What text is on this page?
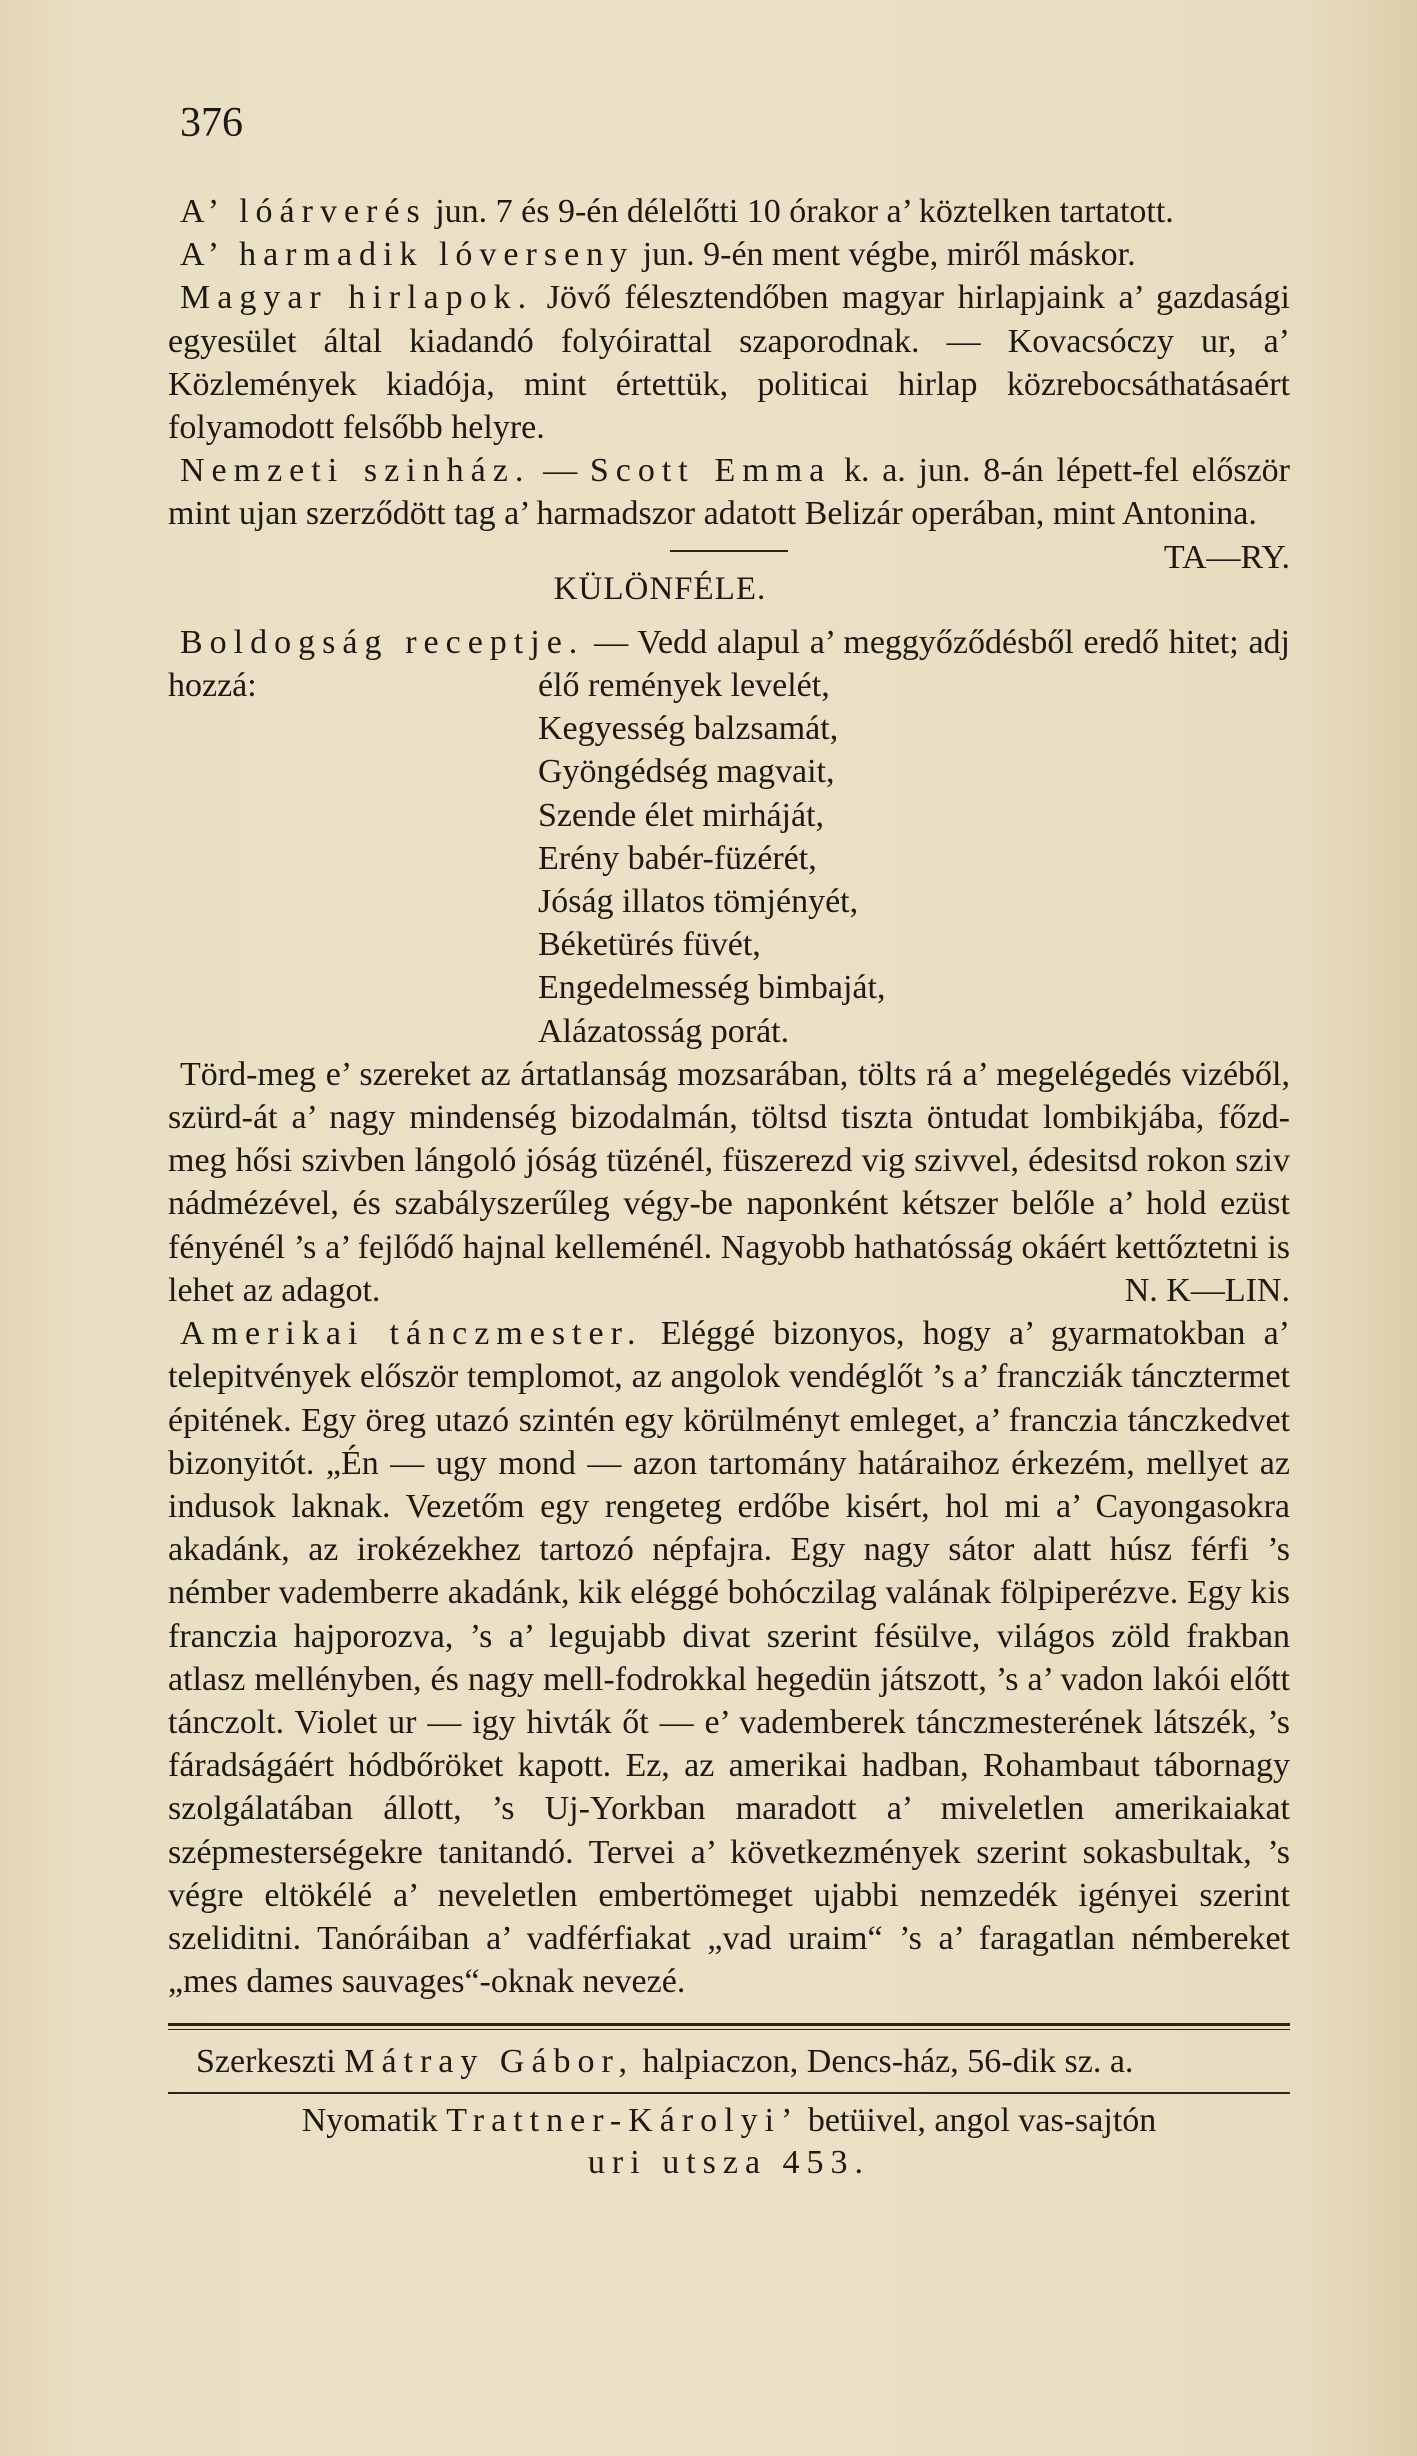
376

A’ lóárverés jun. 7 és 9-én délelőtti 10 órakor a’ köztelken tartatott.

A’ harmadik lóverseny jun. 9-én ment végbe, miről máskor.

Magyar hirlapok. Jövő félesztendőben magyar hirlapjaink a’ gazdasági egyesület által kiadandó folyóirattal szaporodnak. — Kovacsóczy ur, a’ Közlemények kiadója, mint értettük, politicai hirlap közrebocsáthatásaért folyamodott felsőbb helyre.

Nemzeti szinház. — Scott Emma k. a. jun. 8-án lépett-fel először mint ujan szerződött tag a’ harmadszor adatott Belizár operában, mint Antonina.
TA—RY.

KÜLÖNFÉLE.

Boldogság receptje. — Vedd alapul a’ meggyőződésből eredő hitet; adj hozzá:	élő remények levelét,
Kegyesség balzsamát,
Gyöngédség magvait,
Szende élet mirháját,
Erény babér-füzérét,
Jóság illatos tömjényét,
Béketürés füvét,
Engedelmesség bimbaját,
Alázatosság porát.

Törd-meg e’ szereket az ártatlanság mozsarában, tölts rá a’ megelégedés vizéből, szürd-át a’ nagy mindenség bizodalmán, töltsd tiszta öntudat lombikjába, főzd-meg hősi szivben lángoló jóság tüzénél, füszerezd vig szivvel, édesitsd rokon sziv nádmézével, és szabályszerűleg végy-be naponként kétszer belőle a’ hold ezüst fényénél ’s a’ fejlődő hajnal kelleménél. Nagyobb hathatósság okáért kettőztetni is lehet az adagot.	N. K—LIN.

Amerikai tánczmester. Eléggé bizonyos, hogy a’ gyarmatokban a’ telepitvények először templomot, az angolok vendéglőt ’s a’ francziák táncztermet épitének. Egy öreg utazó szintén egy körülményt emleget, a’ franczia tánczkedvet bizonyitót. „Én — ugy mond — azon tartomány határaihoz érkezém, mellyet az indusok laknak. Vezetőm egy rengeteg erdőbe kisért, hol mi a’ Cayongasokra akadánk, az irokézekhez tartozó népfajra. Egy nagy sátor alatt húsz férfi ’s némber vademberre akadánk, kik eléggé bohóczilag valának fölpiperézve. Egy kis franczia hajporozva, ’s a’ legujabb divat szerint fésülve, világos zöld frakban atlasz mellényben, és nagy mell-fodrokkal hegedün játszott, ’s a’ vadon lakói előtt tánczolt. Violet ur — igy hivták őt — e’ vademberek tánczmesterének látszék, ’s fáradságáért hódbőröket kapott. Ez, az amerikai hadban, Rohambaut tábornagy szolgálatában állott, ’s Uj-Yorkban maradott a’ miveletlen amerikaiakat szépmesterségekre tanitandó. Tervei a’ következmények szerint sokasbultak, ’s végre eltökélé a’ neveletlen embertömeget ujabbi nemzedék igényei szerint szeliditni. Tanóráiban a’ vadférfiakat „vad uraim“ ’s a’ faragatlan némbereket „mes dames sauvages“-oknak nevezé.

Szerkeszti Mátray Gábor, halpiaczon, Dencs-ház, 56-dik sz. a.
Nyomatik Trattner-Károlyi’ betüivel, angol vas-sajtón
uri utsza 453.
